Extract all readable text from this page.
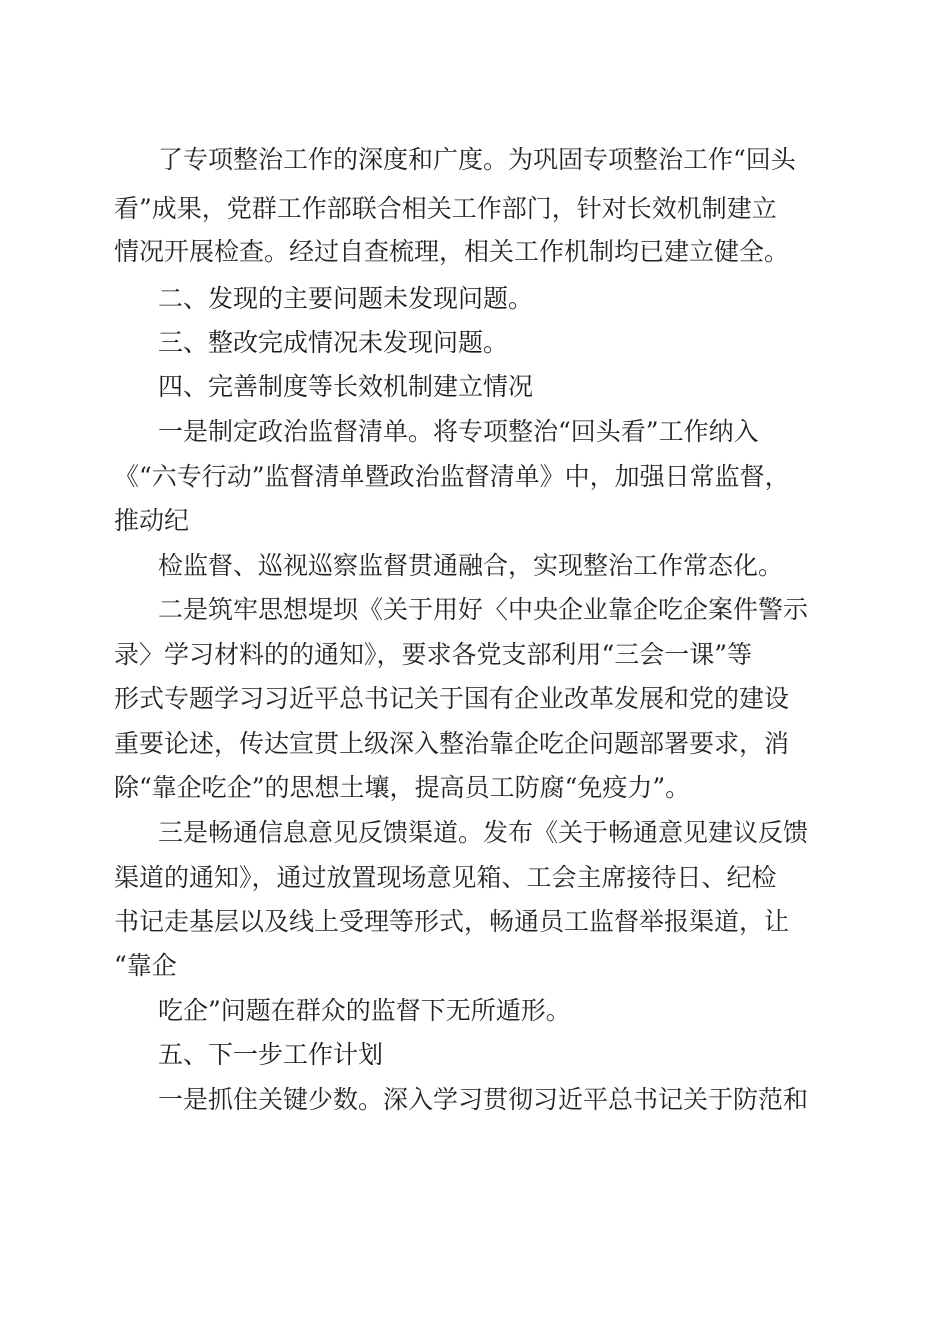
了专项整治工作的深度和广度。为巩固专项整治工作“回头
看”成果，党群工作部联合相关工作部门，针对长效机制建立
情况开展检查。经过自查梳理，相关工作机制均已建立健全。
二、发现的主要问题未发现问题。
三、整改完成情况未发现问题。
四、完善制度等长效机制建立情况
一是制定政治监督清单。将专项整治“回头看”工作纳入
《“六专行动”监督清单暨政治监督清单》中，加强日常监督，
推动纪
检监督、巡视巡察监督贯通融合，实现整治工作常态化。
二是筑牢思想堤坝《关于用好〈中央企业靠企吃企案件警示
录〉学习材料的的通知》，要求各党支部利用“三会一课”等
形式专题学习习近平总书记关于国有企业改革发展和党的建设
重要论述，传达宣贯上级深入整治靠企吃企问题部署要求，消
除“靠企吃企”的思想土壤，提高员工防腐“免疫力”。
三是畅通信息意见反馈渠道。发布《关于畅通意见建议反馈
渠道的通知》，通过放置现场意见箱、工会主席接待日、纪检
书记走基层以及线上受理等形式，畅通员工监督举报渠道，让
“靠企
吃企”问题在群众的监督下无所遁形。
五、下一步工作计划
一是抓住关键少数。深入学习贯彻习近平总书记关于防范和
